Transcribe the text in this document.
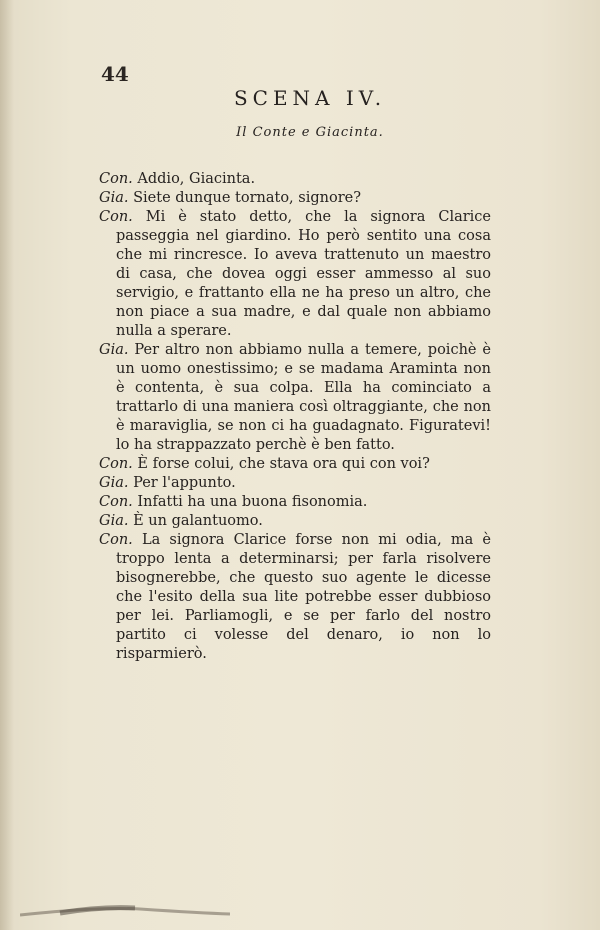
44
SCENA IV.
Il Conte e Giacinta.
Con. Addio, Giacinta.
Gia. Siete dunque tornato, signore?
Con. Mi è stato detto, che la signora Clarice passeggia nel giardino. Ho però sentito una cosa che mi rincresce. Io aveva trattenuto un maestro di casa, che dovea oggi esser ammesso al suo servigio, e frattanto ella ne ha preso un altro, che non piace a sua madre, e dal quale non abbiamo nulla a sperare.
Gia. Per altro non abbiamo nulla a temere, poichè è un uomo onestissimo; e se madama Araminta non è contenta, è sua colpa. Ella ha cominciato a trattarlo di una maniera così oltraggiante, che non è maraviglia, se non ci ha guadagnato. Figuratevi! lo ha strappazzato perchè è ben fatto.
Con. È forse colui, che stava ora qui con voi?
Gia. Per l'appunto.
Con. Infatti ha una buona fisonomia.
Gia. È un galantuomo.
Con. La signora Clarice forse non mi odia, ma è troppo lenta a determinarsi; per farla risolvere bisognerebbe, che questo suo agente le dicesse che l'esito della sua lite potrebbe esser dubbioso per lei. Parliamogli, e se per farlo del nostro partito ci volesse del denaro, io non lo risparmierò.
